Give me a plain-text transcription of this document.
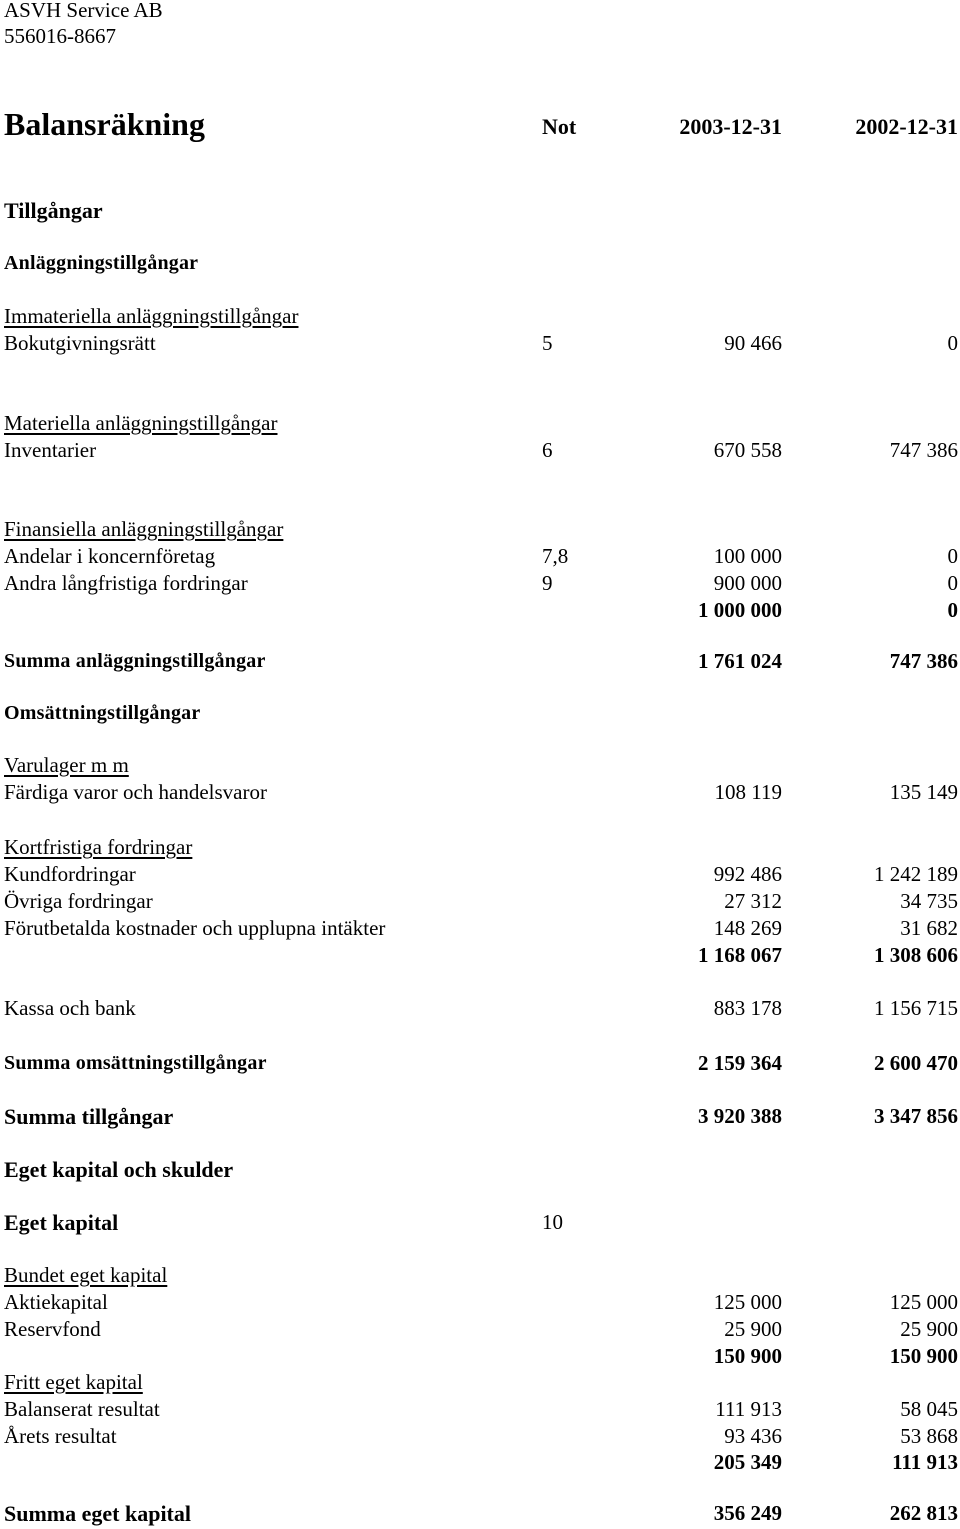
ASVH Service AB
556016-8667
Balansräkning	Not	2003-12-31	2002-12-31
Tillgångar
Anläggningstillgångar
Immateriella anläggningstillgångar
Bokutgivningsrätt	5	90 466	0
Materiella anläggningstillgångar
Inventarier	6	670 558	747 386
Finansiella anläggningstillgångar
Andelar i koncernföretag	7,8	100 000	0
Andra långfristiga fordringar	9	900 000	0
1 000 000	0
Summa anläggningstillgångar	1 761 024	747 386
Omsättningstillgångar
Varulager m m
Färdiga varor och handelsvaror	108 119	135 149
Kortfristiga fordringar
Kundfordringar	992 486	1 242 189
Övriga fordringar	27 312	34 735
Förutbetalda kostnader och upplupna intäkter	148 269	31 682
1 168 067	1 308 606
Kassa och bank	883 178	1 156 715
Summa omsättningstillgångar	2 159 364	2 600 470
Summa tillgångar	3 920 388	3 347 856
Eget kapital och skulder
Eget kapital	10
Bundet eget kapital
Aktiekapital	125 000	125 000
Reservfond	25 900	25 900
150 900	150 900
Fritt eget kapital
Balanserat resultat	111 913	58 045
Årets resultat	93 436	53 868
205 349	111 913
Summa eget kapital	356 249	262 813
